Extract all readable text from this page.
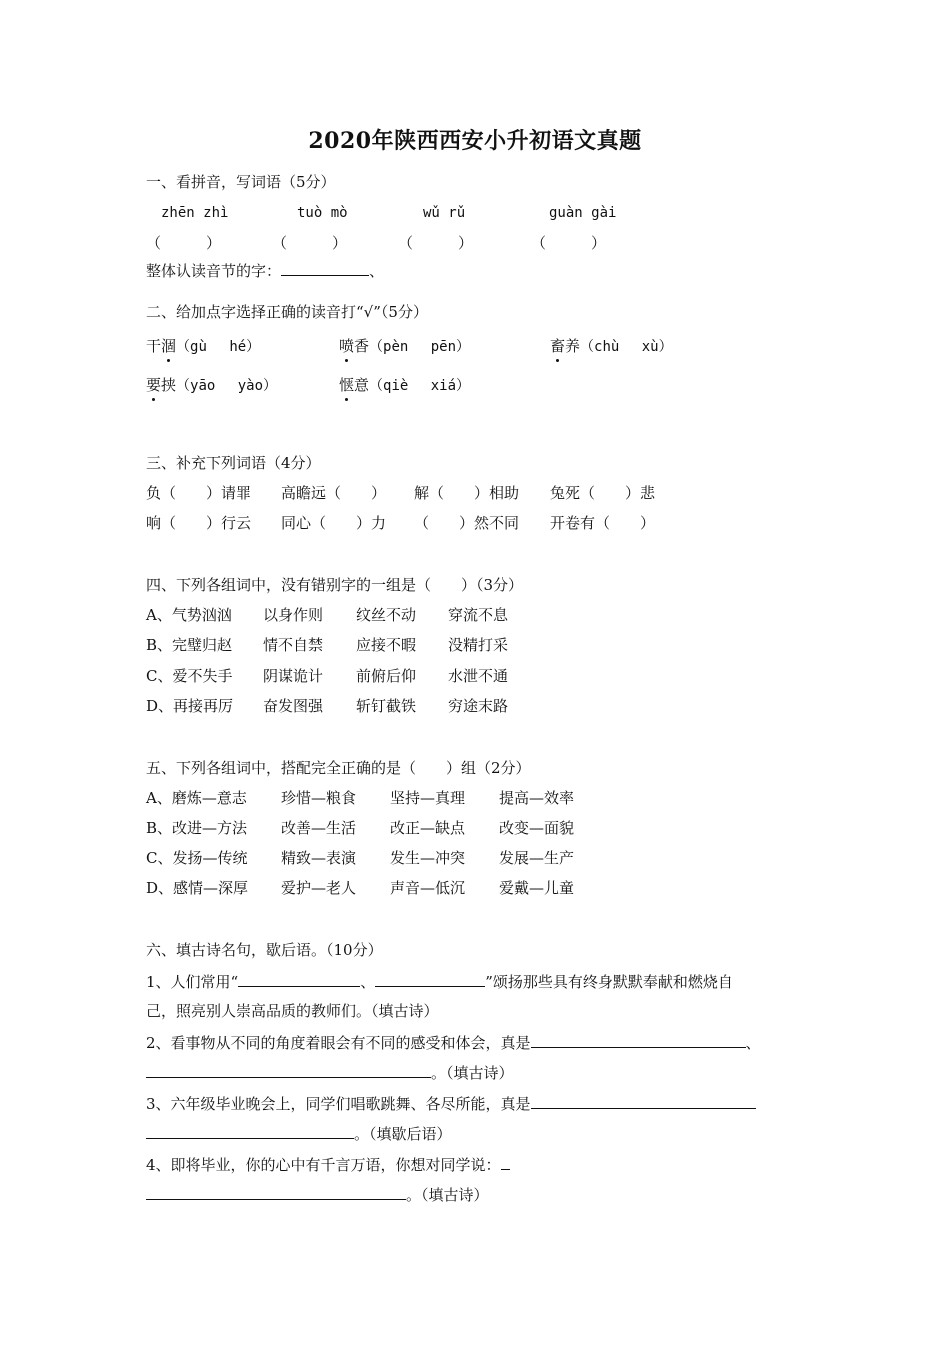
2020年陕西西安小升初语文真题
一、看拼音，写词语（5分）
zhēn zhì	tuò mò	wǔ rǔ	guàn gài
（　　　）	（　　　）	（　　　）	（　　　）
整体认读音节的字：	、
二、给加点字选择正确的读音打“√”（5分）
干涸（gù　 hé）	喷香（pèn　 pēn）	畜养（chù　 xù）
要挟（yāo　 yào）	惬意（qiè　 xiá）
三、补充下列词语（4分）
负（　　）请罪 高瞻远（　　） 解（　　）相助 兔死（　　）悲
响（　　）行云 同心（　　）力 （　　）然不同 开卷有（　　）
四、下列各组词中，没有错别字的一组是（　　）（3分）
A、气势汹汹 以身作则 纹丝不动 穿流不息
B、完璧归赵 情不自禁 应接不暇 没精打采
C、爱不失手 阴谋诡计 前俯后仰 水泄不通
D、再接再厉 奋发图强 斩钉截铁 穷途末路
五、下列各组词中，搭配完全正确的是（　　）组（2分）
A、磨炼—意志 珍惜—粮食 坚持—真理 提高—效率
B、改进—方法 改善—生活 改正—缺点 改变—面貌
C、发扬—传统 精致—表演 发生—冲突 发展—生产
D、感情—深厚 爱护—老人 声音—低沉 爱戴—儿童
六、填古诗名句，歇后语。（10分）
1、人们常用“	、	”颂扬那些具有终身默默奉献和燃烧自
己，照亮别人崇高品质的教师们。（填古诗）
2、看事物从不同的角度着眼会有不同的感受和体会，真是	、
。（填古诗）
3、六年级毕业晚会上，同学们唱歌跳舞、各尽所能，真是
。（填歇后语）
4、即将毕业，你的心中有千言万语，你想对同学说：
。（填古诗）
